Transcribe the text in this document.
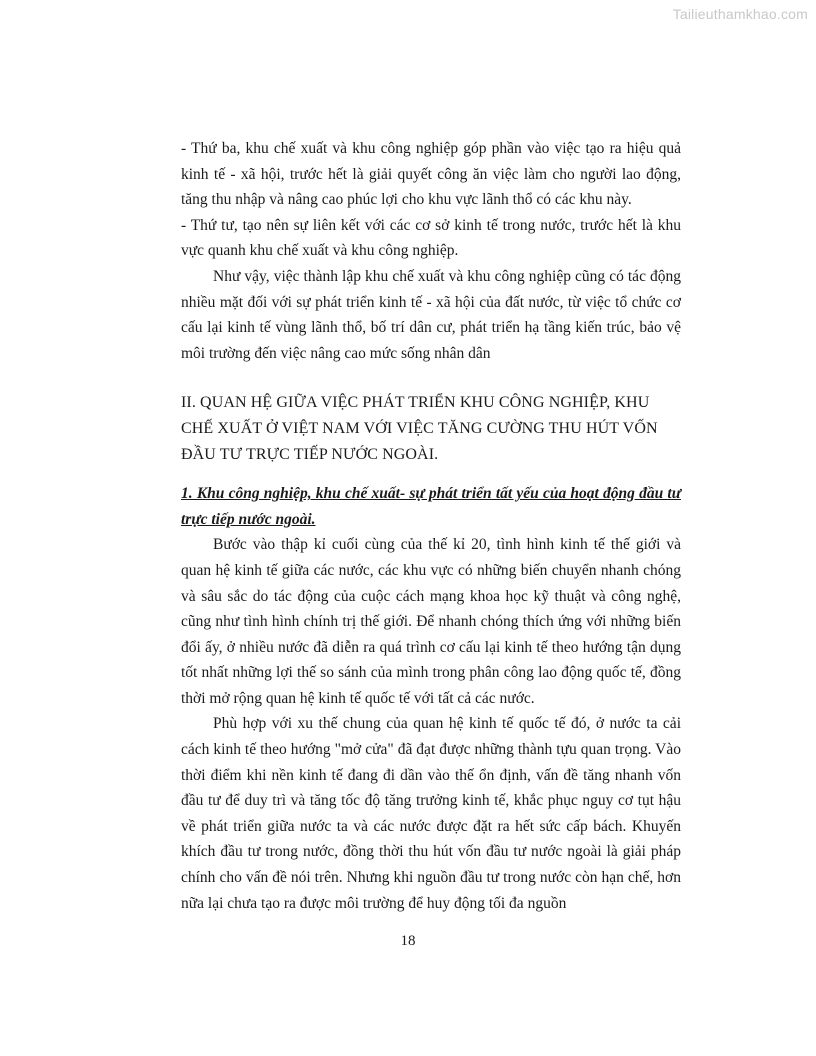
Tailieuthamkhao.com

- Thứ ba, khu chế xuất và khu công nghiệp góp phần vào việc tạo ra hiệu quả kinh tế - xã hội, trước hết là giải quyết công ăn việc làm cho người lao động, tăng thu nhập và nâng cao phúc lợi cho khu vực lãnh thổ có các khu này.

- Thứ tư, tạo nên sự liên kết với các cơ sở kinh tế trong nước, trước hết là khu vực quanh khu chế xuất và khu công nghiệp.

Như vậy, việc thành lập khu chế xuất và khu công nghiệp cũng có tác động nhiều mặt đối với sự phát triển kinh tế - xã hội của đất nước, từ việc tổ chức cơ cấu lại kinh tế vùng lãnh thổ, bố trí dân cư, phát triển hạ tầng kiến trúc, bảo vệ môi trường đến việc nâng cao mức sống nhân dân

II. QUAN HỆ GIỮA VIỆC PHÁT TRIỂN KHU CÔNG NGHIỆP, KHU CHẾ XUẤT Ở VIỆT NAM VỚI VIỆC TĂNG CƯỜNG THU HÚT VỐN ĐẦU TƯ TRỰC TIẾP NƯỚC NGOÀI.

1. Khu công nghiệp, khu chế xuất- sự phát triển tất yếu của hoạt động đầu tư trực tiếp nước ngoài.

Bước vào thập kỉ cuối cùng của thế kỉ 20, tình hình kinh tế thế giới và quan hệ kinh tế giữa các nước, các khu vực có những biến chuyển nhanh chóng và sâu sắc do tác động của cuộc cách mạng khoa học kỹ thuật và công nghệ, cũng như tình hình chính trị thế giới. Để nhanh chóng thích ứng với những biến đổi ấy, ở nhiều nước đã diễn ra quá trình cơ cấu lại kinh tế theo hướng tận dụng tốt nhất những lợi thế so sánh của mình trong phân công lao động quốc tế, đồng thời mở rộng quan hệ kinh tế quốc tế với tất cả các nước.

Phù hợp với xu thế chung của quan hệ kinh tế quốc tế đó, ở nước ta cải cách kinh tế theo hướng "mở cửa" đã đạt được những thành tựu quan trọng. Vào thời điểm khi nền kinh tế đang đi dần vào thế ổn định, vấn đề tăng nhanh vốn đầu tư để duy trì và tăng tốc độ tăng trưởng kinh tế, khắc phục nguy cơ tụt hậu về phát triển giữa nước ta và các nước được đặt ra hết sức cấp bách. Khuyến khích đầu tư trong nước, đồng thời thu hút vốn đầu tư nước ngoài là giải pháp chính cho vấn đề nói trên. Nhưng khi nguồn đầu tư trong nước còn hạn chế, hơn nữa lại chưa tạo ra được môi trường để huy động tối đa nguồn

18
